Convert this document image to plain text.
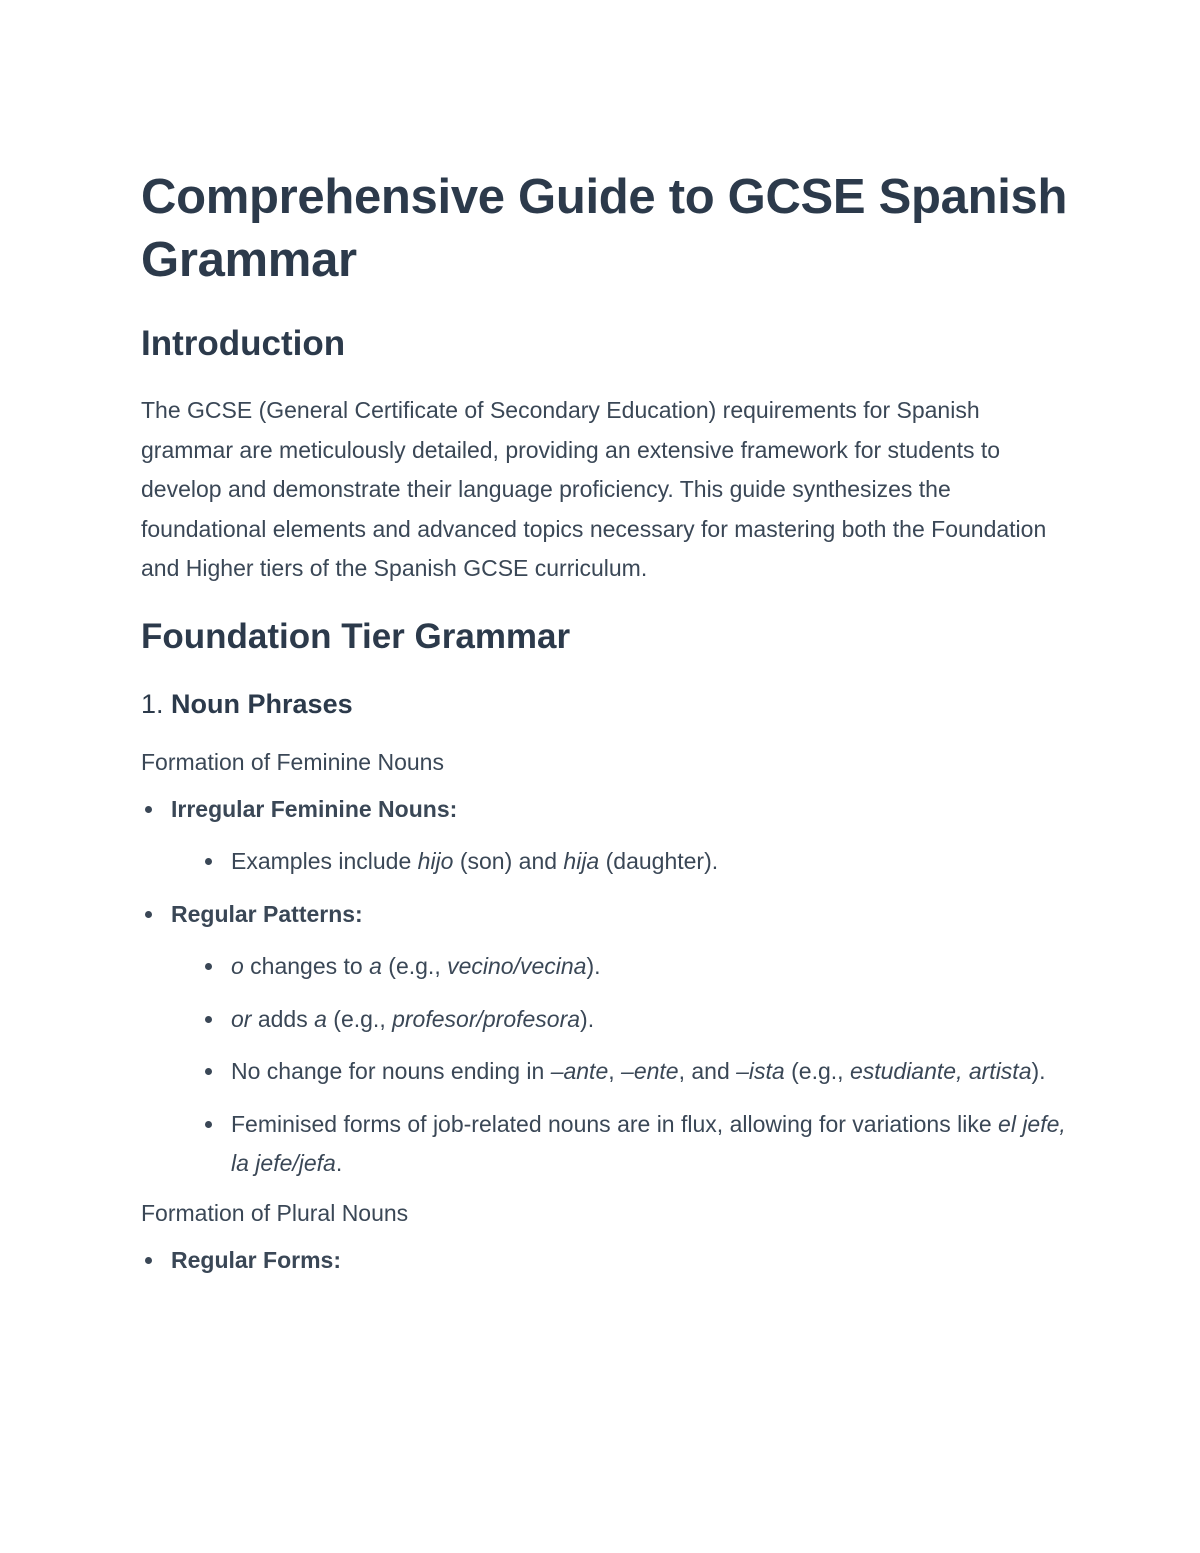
Comprehensive Guide to GCSE Spanish Grammar
Introduction

The GCSE (General Certificate of Secondary Education) requirements for Spanish grammar are meticulously detailed, providing an extensive framework for students to develop and demonstrate their language proficiency. This guide synthesizes the foundational elements and advanced topics necessary for mastering both the Foundation and Higher tiers of the Spanish GCSE curriculum.

Foundation Tier Grammar
1. Noun Phrases
Formation of Feminine Nouns
Irregular Feminine Nouns:
Examples include hijo (son) and hija (daughter).
Regular Patterns:
o changes to a (e.g., vecino/vecina).
or adds a (e.g., profesor/profesora).
No change for nouns ending in –ante, –ente, and –ista (e.g., estudiante, artista).
Feminised forms of job-related nouns are in flux, allowing for variations like el jefe, la jefe/jefa.
Formation of Plural Nouns
Regular Forms:
